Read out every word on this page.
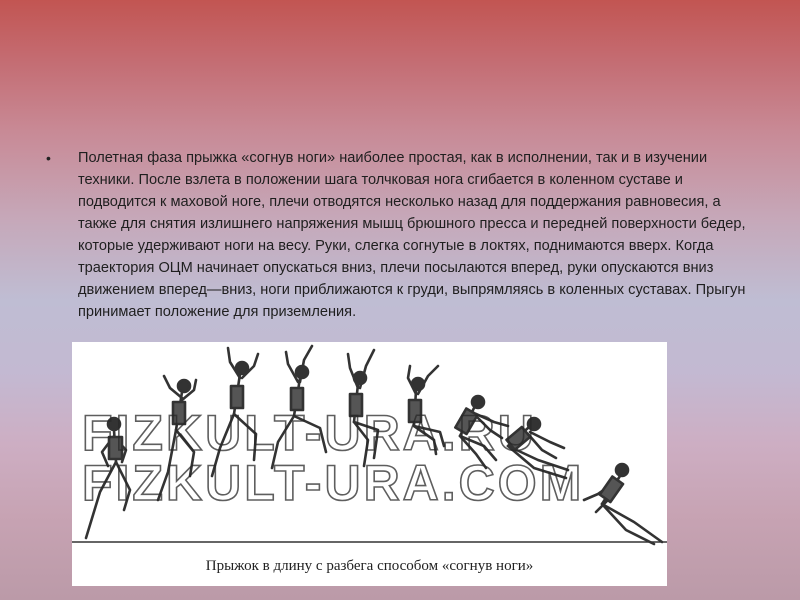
•	Полетная фаза прыжка «согнув ноги» наиболее простая, как в исполнении, так и в изучении техники. После взлета в положении шага толчковая нога сгибается в коленном суставе и подводится к маховой ноге, плечи отводятся несколько назад для поддержания равновесия, а также для снятия излишнего напряжения мышц брюшного пресса и передней поверхности бедер, которые удерживают ноги на весу. Руки, слегка согнутые в локтях, поднимаются вверх. Когда траектория ОЦМ начинает опускаться вниз, плечи посылаются вперед, руки опускаются вниз движением вперед—вниз, ноги приближаются к груди, выпрямляясь в коленных суставах. Прыгун принимает положение для приземления.
FIZKULT-URA.RU
FIZKULT-URA.COM
Прыжок в длину с разбега способом «согнув ноги»
